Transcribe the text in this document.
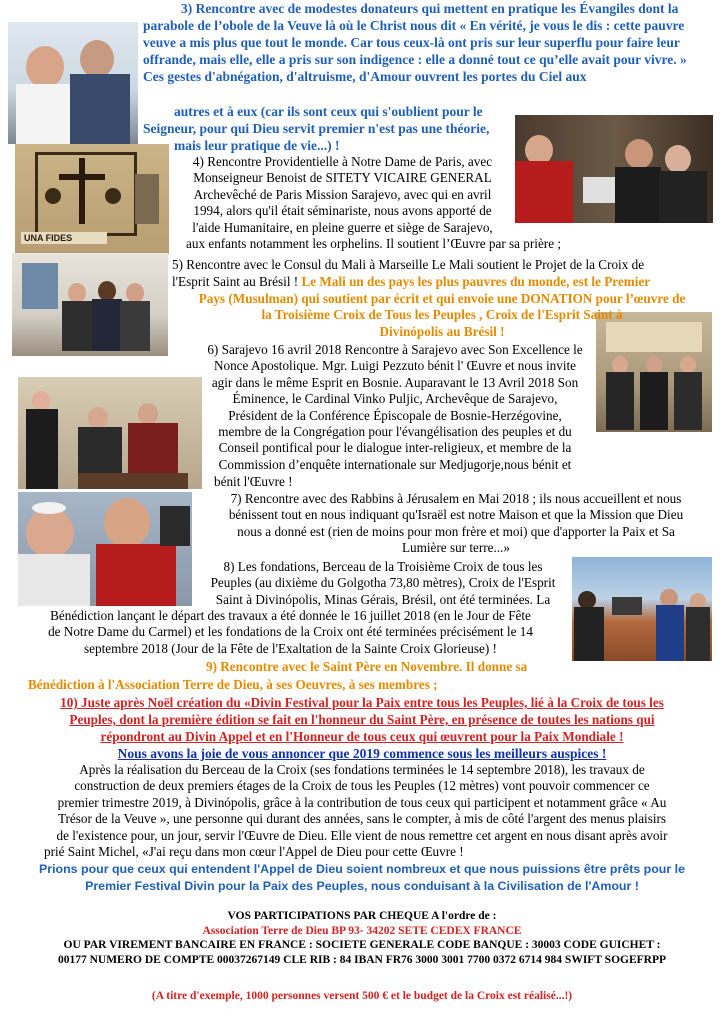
UNA FIDES
3) Rencontre avec de modestes donateurs qui mettent en pratique les Évangiles dont la parabole de l’obole de la Veuve là où le Christ nous dit « En vérité, je vous le dis : cette pauvre veuve a mis plus que tout le monde. Car tous ceux-là ont pris sur leur superflu pour faire leur offrande, mais elle, elle a pris sur son indigence : elle a donné tout ce qu’elle avait pour vivre. » Ces gestes d'abnégation, d'altruisme, d'Amour ouvrent les portes du Ciel aux
autres et à eux (car ils sont ceux qui s'oublient pour le
Seigneur, pour qui Dieu servit premier n'est pas une théorie,
mais leur pratique de vie...) !
4) Rencontre Providentielle à Notre Dame de Paris, avec
Monseigneur Benoist de SITETY VICAIRE GENERAL
Archevêché de Paris Mission Sarajevo, avec qui en avril
1994, alors qu'il était séminariste, nous avons apporté de
l'aide Humanitaire, en pleine guerre et siège de Sarajevo,
aux enfants notamment les orphelins. Il soutient l’Œuvre par sa prière ;
5) Rencontre avec le Consul du Mali à Marseille Le Mali soutient le Projet de la Croix de
l'Esprit Saint au Brésil ! Le Mali un des pays les plus pauvres du monde, est le Premier
Pays (Musulman) qui soutient par écrit et qui envoie une DONATION pour l’œuvre de
la Troisième Croix de Tous les Peuples , Croix de l'Esprit Saint à
Divinópolis au Brésil !
6) Sarajevo 16 avril 2018 Rencontre à Sarajevo avec Son Excellence le
Nonce Apostolique. Mgr. Luigi Pezzuto bénit l' Œuvre et nous invite
agir dans le même Esprit en Bosnie. Auparavant le 13 Avril 2018 Son
Éminence, le Cardinal Vinko Puljic, Archevêque de Sarajevo,
Président de la Conférence Épiscopale de Bosnie-Herzégovine,
membre de la Congrégation pour l'évangélisation des peuples et du
Conseil pontifical pour le dialogue inter-religieux, et membre de la
Commission d’enquête internationale sur Medjugorje,nous bénit et
bénit l'Œuvre !
7) Rencontre avec des Rabbins à Jérusalem en Mai 2018 ; ils nous accueillent et nous
bénissent tout en nous indiquant qu'Israël est notre Maison et que la Mission que Dieu
nous a donné est (rien de moins pour mon frère et moi) que d'apporter la Paix et Sa
Lumière sur terre...»
8) Les fondations, Berceau de la Troisième Croix de tous les
Peuples (au dixième du Golgotha 73,80 mètres), Croix de l'Esprit
Saint à Divinópolis, Minas Gérais, Brésil, ont été terminées. La
Bénédiction lançant le départ des travaux a été donnée le 16 juillet 2018 (en le Jour de Fête
de Notre Dame du Carmel) et les fondations de la Croix ont été terminées précisément le 14
septembre 2018 (Jour de la Fête de l'Exaltation de la Sainte Croix Glorieuse) !
9) Rencontre avec le Saint Père en Novembre. Il donne sa
Bénédiction à l'Association Terre de Dieu, à ses Oeuvres, à ses membres ;
10) Juste après Noël création du «Divin Festival pour la Paix entre tous les Peuples, lié à la Croix de tous les
Peuples, dont la première édition se fait en l'honneur du Saint Père, en présence de toutes les nations qui
répondront au Divin Appel et en l'Honneur de tous ceux qui œuvrent pour la Paix Mondiale !
Nous avons la joie de vous annoncer que 2019 commence sous les meilleurs auspices !
Après la réalisation du Berceau de la Croix (ses fondations terminées le 14 septembre 2018), les travaux de
construction de deux premiers étages de la Croix de tous les Peuples (12 mètres) vont pouvoir commencer ce
premier trimestre 2019, à Divinópolis, grâce à la contribution de tous ceux qui participent et notamment grâce « Au
Trésor de la Veuve », une personne qui durant des années, sans le compter, à mis de côté l'argent des menus plaisirs
de l'existence pour, un jour, servir l'Œuvre de Dieu. Elle vient de nous remettre cet argent en nous disant après avoir
prié Saint Michel, «J'ai reçu dans mon cœur l'Appel de Dieu pour cette Œuvre !
Prions pour que ceux qui entendent l'Appel de Dieu soient nombreux et que nous puissions être prêts pour le
Premier Festival Divin pour la Paix des Peuples, nous conduisant à la Civilisation de l'Amour !
VOS PARTICIPATIONS PAR CHEQUE A l'ordre de :
Association Terre de Dieu BP 93- 34202 SETE CEDEX FRANCE
OU PAR VIREMENT BANCAIRE EN FRANCE : SOCIETE GENERALE CODE BANQUE : 30003 CODE GUICHET :
00177 NUMERO DE COMPTE 00037267149 CLE RIB : 84 IBAN FR76 3000 3001 7700 0372 6714 984 SWIFT SOGEFRPP
(A titre d'exemple, 1000 personnes versent 500 € et le budget de la Croix est réalisé...!)
